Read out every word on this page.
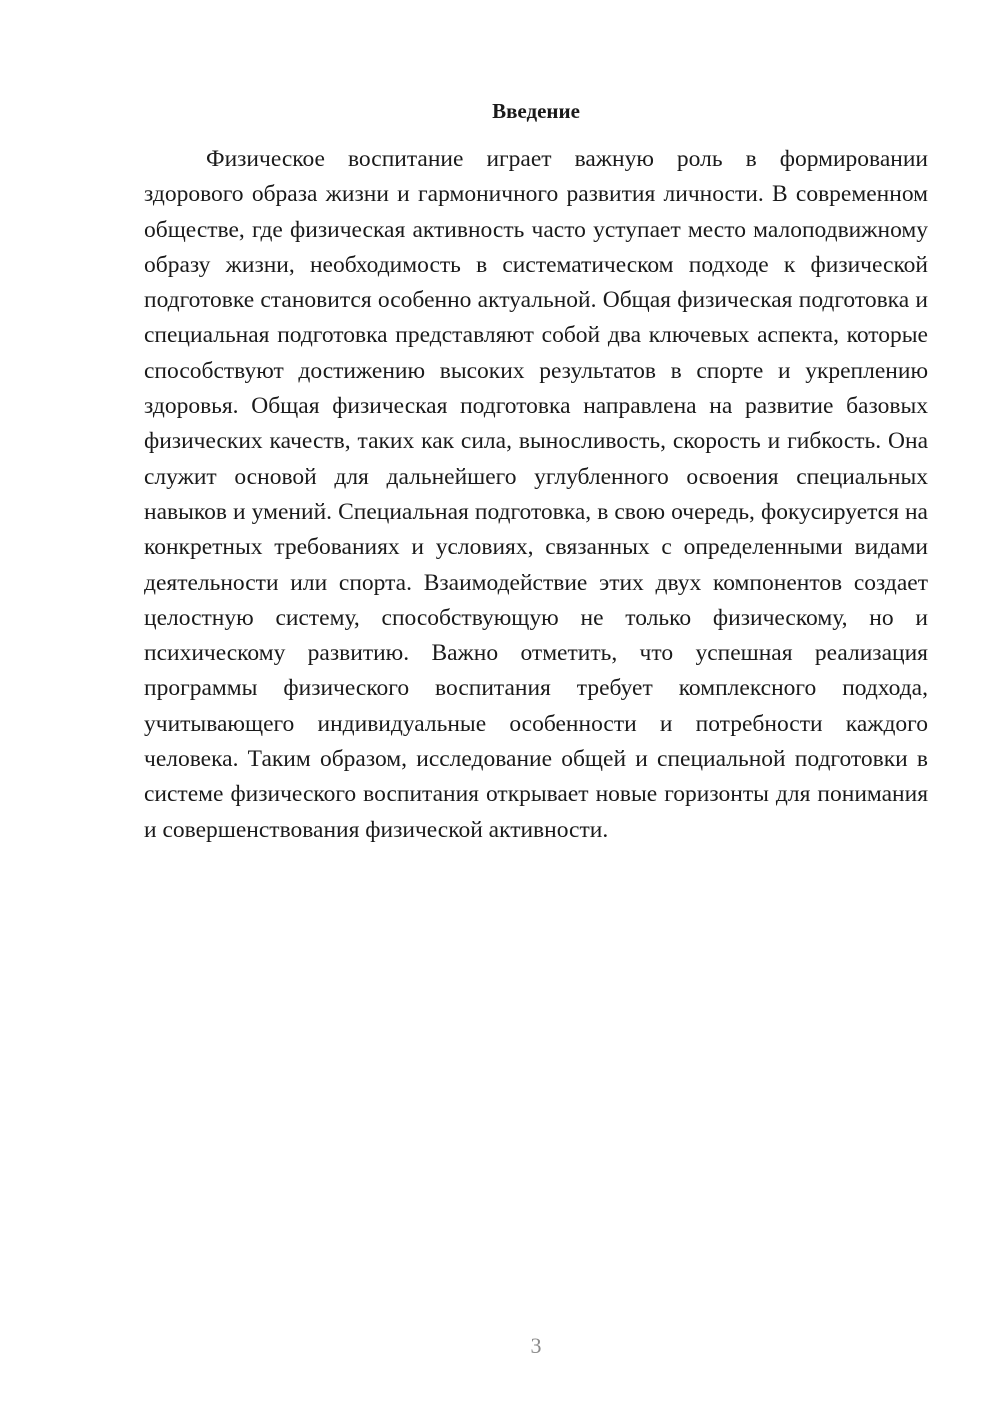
Введение

Физическое воспитание играет важную роль в формировании здорового образа жизни и гармоничного развития личности. В современном обществе, где физическая активность часто уступает место малоподвижному образу жизни, необходимость в систематическом подходе к физической подготовке становится особенно актуальной. Общая физическая подготовка и специальная подготовка представляют собой два ключевых аспекта, которые способствуют достижению высоких результатов в спорте и укреплению здоровья. Общая физическая подготовка направлена на развитие базовых физических качеств, таких как сила, выносливость, скорость и гибкость. Она служит основой для дальнейшего углубленного освоения специальных навыков и умений. Специальная подготовка, в свою очередь, фокусируется на конкретных требованиях и условиях, связанных с определенными видами деятельности или спорта. Взаимодействие этих двух компонентов создает целостную систему, способствующую не только физическому, но и психическому развитию. Важно отметить, что успешная реализация программы физического воспитания требует комплексного подхода, учитывающего индивидуальные особенности и потребности каждого человека. Таким образом, исследование общей и специальной подготовки в системе физического воспитания открывает новые горизонты для понимания и совершенствования физической активности.

3
